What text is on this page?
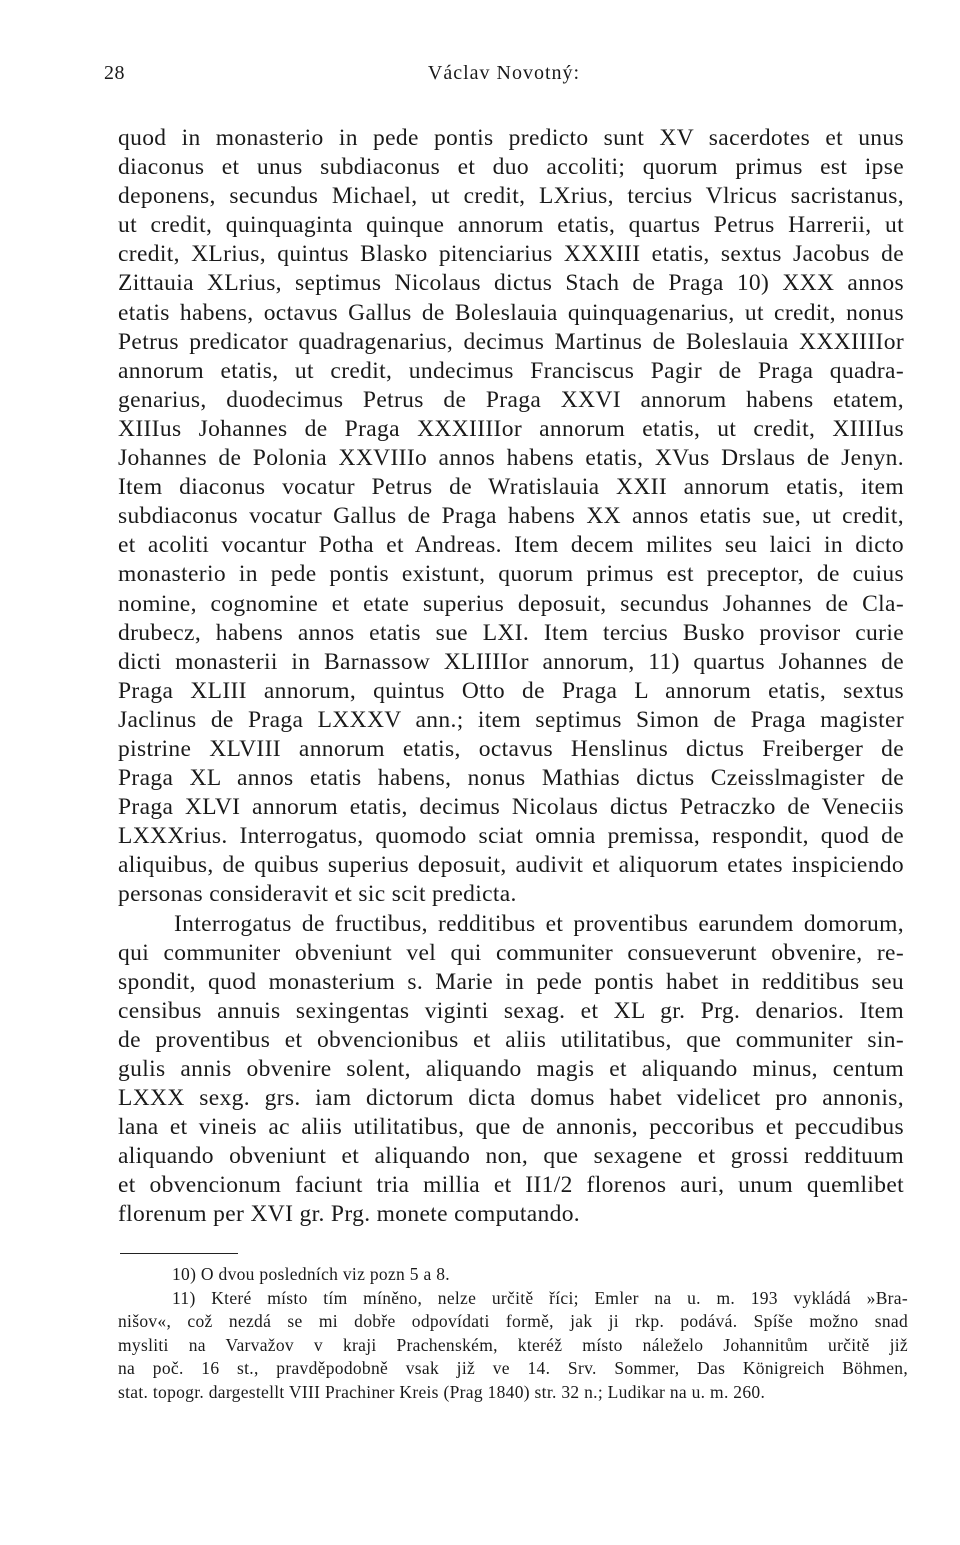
28	Václav Novotný:
quod in monasterio in pede pontis predicto sunt XV sacerdotes et unus
diaconus et unus subdiaconus et duo accoliti; quorum primus est ipse
deponens, secundus Michael, ut credit, LXrius, tercius Vlricus sacristanus,
ut credit, quinquaginta quinque annorum etatis, quartus Petrus Harrerii, ut
credit, XLrius, quintus Blasko pitenciarius XXXIII etatis, sextus Jacobus de
Zittauia XLrius, septimus Nicolaus dictus Stach de Praga 10) XXX annos
etatis habens, octavus Gallus de Boleslauia quinquagenarius, ut credit, nonus
Petrus predicator quadragenarius, decimus Martinus de Boleslauia XXXIIIIor
annorum etatis, ut credit, undecimus Franciscus Pagir de Praga quadra-
genarius, duodecimus Petrus de Praga XXVI annorum habens etatem,
XIIIus Johannes de Praga XXXIIIIor annorum etatis, ut credit, XIIIIus
Johannes de Polonia XXVIIIo annos habens etatis, XVus Drslaus de Jenyn.
Item diaconus vocatur Petrus de Wratislauia XXII annorum etatis, item
subdiaconus vocatur Gallus de Praga habens XX annos etatis sue, ut credit,
et acoliti vocantur Potha et Andreas. Item decem milites seu laici in dicto
monasterio in pede pontis existunt, quorum primus est preceptor, de cuius
nomine, cognomine et etate superius deposuit, secundus Johannes de Cla-
drubecz, habens annos etatis sue LXI. Item tercius Busko provisor curie
dicti monasterii in Barnassow XLIIIIor annorum, 11) quartus Johannes de
Praga XLIII annorum, quintus Otto de Praga L annorum etatis, sextus
Jaclinus de Praga LXXXV ann.; item septimus Simon de Praga magister
pistrine XLVIII annorum etatis, octavus Henslinus dictus Freiberger de
Praga XL annos etatis habens, nonus Mathias dictus Czeisslmagister de
Praga XLVI annorum etatis, decimus Nicolaus dictus Petraczko de Veneciis
LXXXrius. Interrogatus, quomodo sciat omnia premissa, respondit, quod de
aliquibus, de quibus superius deposuit, audivit et aliquorum etates inspiciendo
personas consideravit et sic scit predicta.
Interrogatus de fructibus, redditibus et proventibus earundem domorum,
qui communiter obveniunt vel qui communiter consueverunt obvenire, re-
spondit, quod monasterium s. Marie in pede pontis habet in redditibus seu
censibus annuis sexingentas viginti sexag. et XL gr. Prg. denarios. Item
de proventibus et obvencionibus et aliis utilitatibus, que communiter sin-
gulis annis obvenire solent, aliquando magis et aliquando minus, centum
LXXX sexg. grs. iam dictorum dicta domus habet videlicet pro annonis,
lana et vineis ac aliis utilitatibus, que de annonis, peccoribus et peccudibus
aliquando obveniunt et aliquando non, que sexagene et grossi reddituum
et obvencionum faciunt tria millia et II1/2 florenos auri, unum quemlibet
florenum per XVI gr. Prg. monete computando.
10) O dvou posledních viz pozn 5 a 8.
11) Které místo tím míněno, nelze určitě říci; Emler na u. m. 193 vykládá »Bra-
nišov«, což nezdá se mi dobře odpovídati formě, jak ji rkp. podává. Spíše možno snad
mysliti na Varvažov v kraji Prachenském, kteréž místo náleželo Johannitům určitě již
na poč. 16 st., pravděpodobně vsak již ve 14. Srv. Sommer, Das Königreich Böhmen,
stat. topogr. dargestellt VIII Prachiner Kreis (Prag 1840) str. 32 n.; Ludikar na u. m. 260.
